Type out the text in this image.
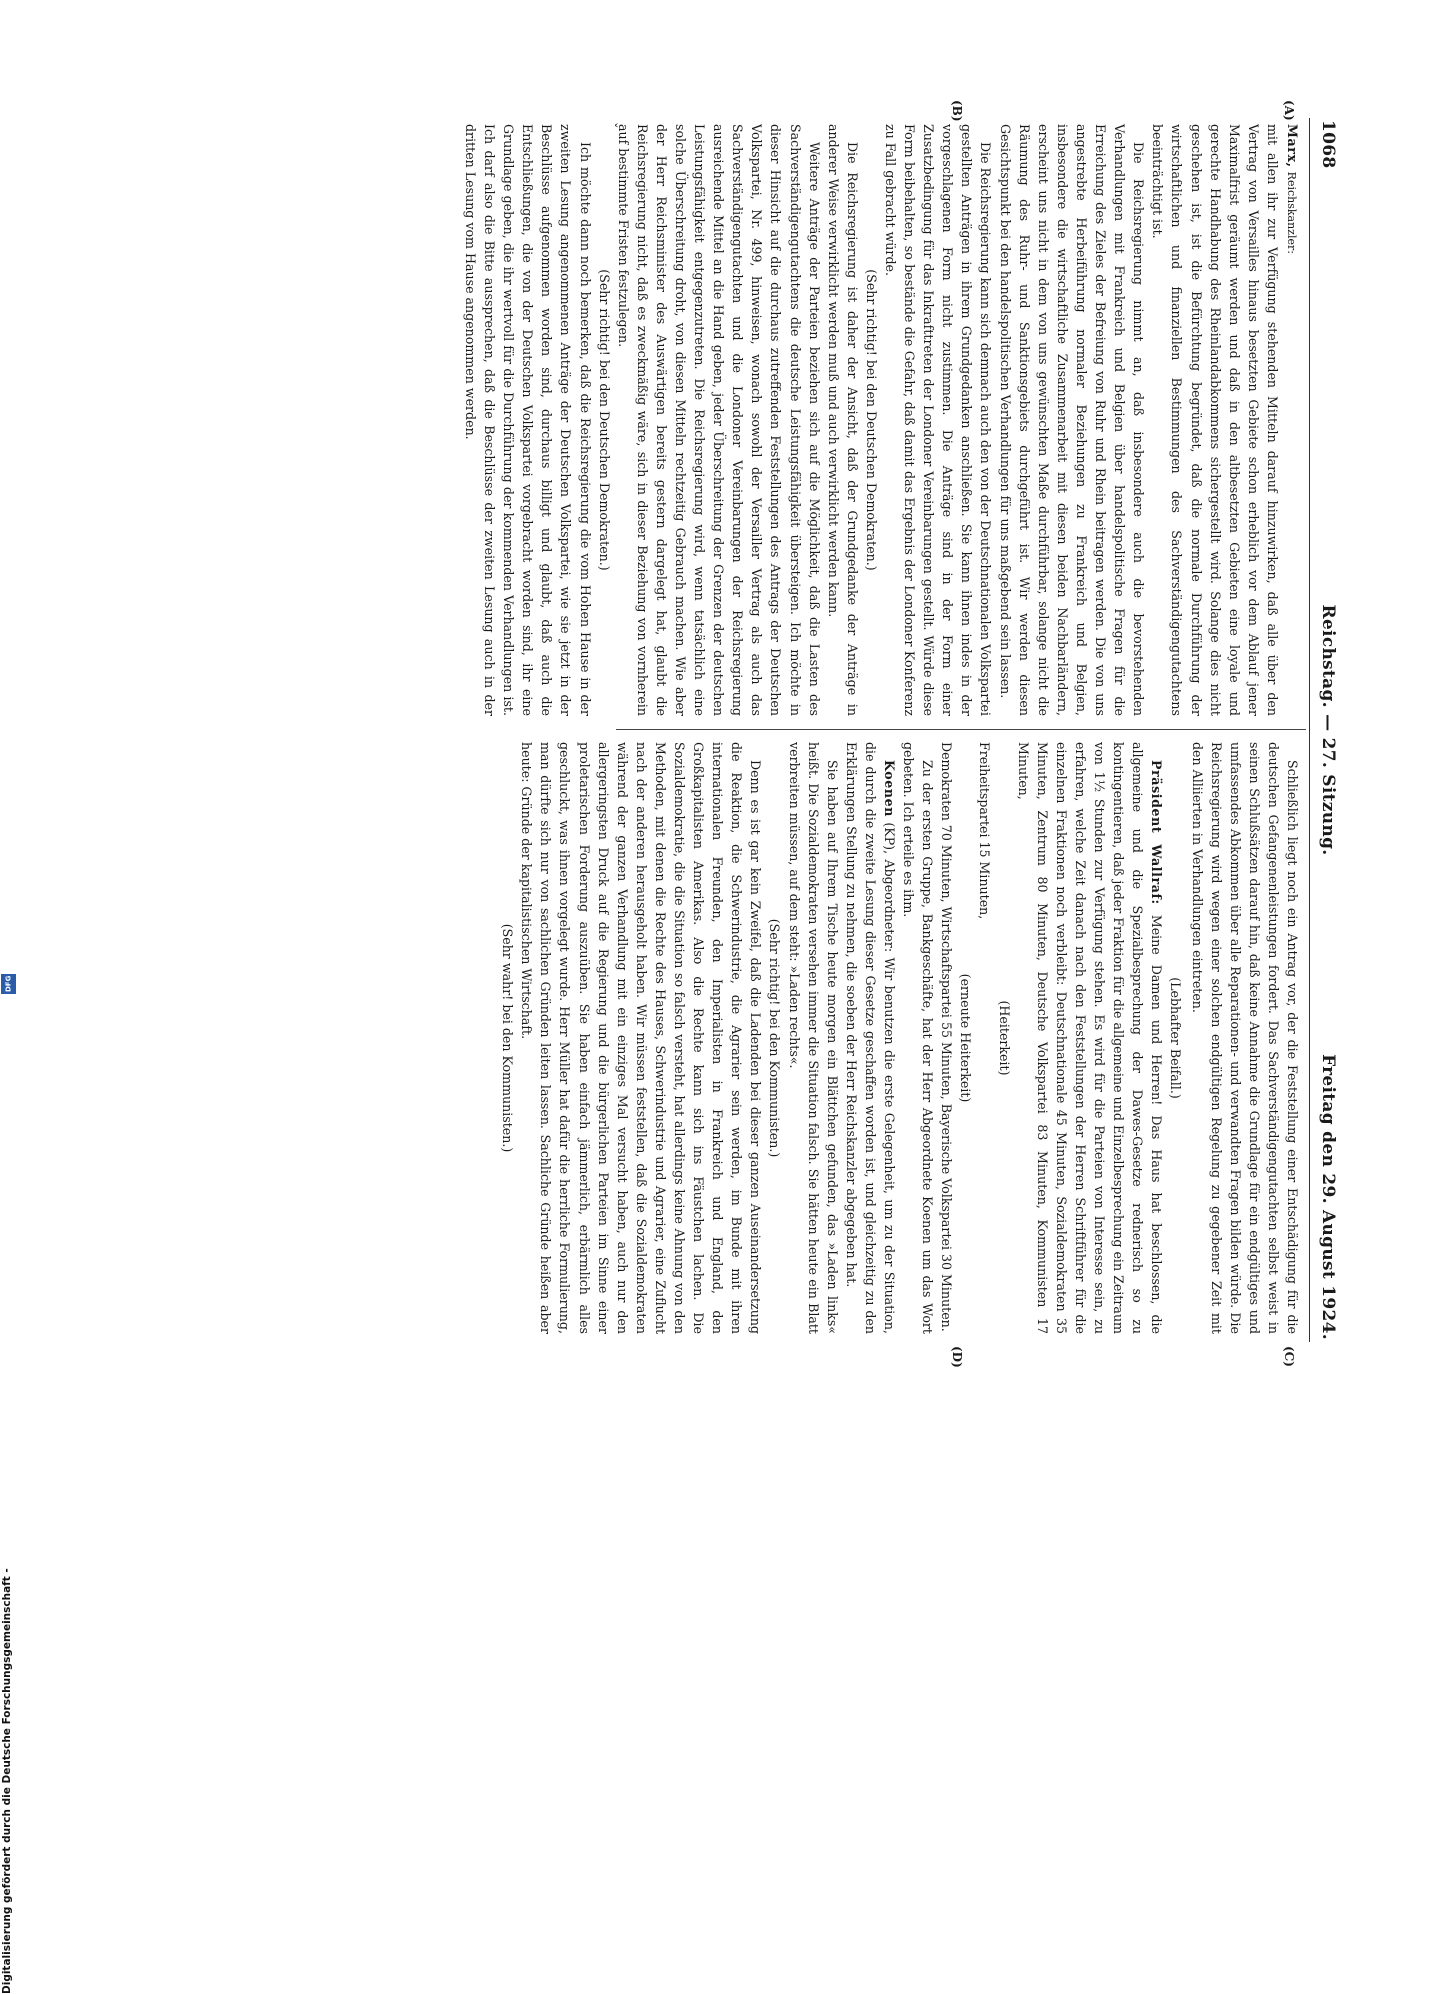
1068
Reichstag. — 27. Sitzung.
Freitag den 29. August 1924.
(A)
(B)
(C)
(D)

Marx, Reichskanzler:

mit allen ihr zur Verfügung stehenden Mitteln darauf hinzuwirken, daß alle über den Vertrag von Versailles hinaus besetzten Gebiete schon erheblich vor dem Ablauf jener Maximalfrist geräumt werden und daß in den altbesetzten Gebieten eine loyale und gerechte Handhabung des Rheinlandabkommens sichergestellt wird. Solange dies nicht geschehen ist, ist die Befürchtung begründet, daß die normale Durchführung der wirtschaftlichen und finanziellen Bestimmungen des Sachverständigengutachtens beeinträchtigt ist.

Die Reichsregierung nimmt an, daß insbesondere auch die bevorstehenden Verhandlungen mit Frankreich und Belgien über handelspolitische Fragen für die Erreichung des Zieles der Befreiung von Ruhr und Rhein beitragen werden. Die von uns angestrebte Herbeiführung normaler Beziehungen zu Frankreich und Belgien, insbesondere die wirtschaftliche Zusammenarbeit mit diesen beiden Nachbarländern, erscheint uns nicht in dem von uns gewünschten Maße durchführbar, solange nicht die Räumung des Ruhr- und Sanktionsgebiets durchgeführt ist. Wir werden diesen Gesichtspunkt bei den handelspolitischen Verhandlungen für uns maßgebend sein lassen.

Die Reichsregierung kann sich demnach auch den von der Deutschnationalen Volkspartei gestellten Anträgen in ihrem Grundgedanken anschließen. Sie kann ihnen indes in der vorgeschlagenen Form nicht zustimmen. Die Anträge sind in der Form einer Zusatzbedingung für das Inkrafttreten der Londoner Vereinbarungen gestellt. Würde diese Form beibehalten, so bestände die Gefahr, daß damit das Ergebnis der Londoner Konferenz zu Fall gebracht würde.

(Sehr richtig! bei den Deutschen Demokraten.)

Die Reichsregierung ist daher der Ansicht, daß der Grundgedanke der Anträge in anderer Weise verwirklicht werden muß und auch verwirklicht werden kann.

Weitere Anträge der Parteien beziehen sich auf die Möglichkeit, daß die Lasten des Sachverständigengutachtens die deutsche Leistungsfähigkeit übersteigen. Ich möchte in dieser Hinsicht auf die durchaus zutreffenden Feststellungen des Antrags der Deutschen Volkspartei, Nr. 499, hinweisen, wonach sowohl der Versailler Vertrag als auch das Sachverständigengutachten und die Londoner Vereinbarungen der Reichsregierung ausreichende Mittel an die Hand geben, jeder Überschreitung der Grenzen der deutschen Leistungsfähigkeit entgegenzutreten. Die Reichsregierung wird, wenn tatsächlich eine solche Überschreitung droht, von diesen Mitteln rechtzeitig Gebrauch machen. Wie aber der Herr Reichsminister des Auswärtigen bereits gestern dargelegt hat, glaubt die Reichsregierung nicht, daß es zweckmäßig wäre, sich in dieser Beziehung von vornherein auf bestimmte Fristen festzulegen.

(Sehr richtig! bei den Deutschen Demokraten.)

Ich möchte dann noch bemerken, daß die Reichsregierung die vom Hohen Hause in der zweiten Lesung angenommenen Anträge der Deutschen Volkspartei, wie sie jetzt in der Beschlüsse aufgenommen worden sind, durchaus billigt und glaubt, daß auch die Entschließungen, die von der Deutschen Volkspartei vorgebracht worden sind, ihr eine Grundlage geben, die ihr wertvoll für die Durchführung der kommenden Verhandlungen ist. Ich darf also die Bitte aussprechen, daß die Beschlüsse der zweiten Lesung auch in der dritten Lesung vom Hause angenommen werden.

Schließlich liegt noch ein Antrag vor, der die Feststellung einer Entschädigung für die deutschen Gefangenenleistungen fordert. Das Sachverständigengutachten selbst weist in seinen Schlußsätzen darauf hin, daß keine Annahme die Grundlage für ein endgültiges und umfassendes Abkommen über alle Reparationen- und verwandten Fragen bilden würde. Die Reichsregierung wird wegen einer solchen endgültigen Regelung zu gegebener Zeit mit den Alliierten in Verhandlungen eintreten.

(Lebhafter Beifall.)

Präsident Wallraf: Meine Damen und Herren! Das Haus hat beschlossen, die allgemeine und die Spezialbesprechung der Dawes-Gesetze rednerisch so zu kontingentieren, daß jeder Fraktion für die allgemeine und Einzelbesprechung ein Zeitraum von 1½ Stunden zur Verfügung stehen. Es wird für die Parteien von Interesse sein, zu erfahren, welche Zeit danach nach den Feststellungen der Herren Schriftführer für die einzelnen Fraktionen noch verbleibt: Deutschnationale 45 Minuten, Sozialdemokraten 35 Minuten, Zentrum 80 Minuten, Deutsche Volkspartei 83 Minuten, Kommunisten 17 Minuten,

(Heiterkeit)

Freiheitspartei 15 Minuten,

(erneute Heiterkeit)

Demokraten 70 Minuten, Wirtschaftspartei 55 Minuten, Bayerische Volkspartei 30 Minuten.

Zu der ersten Gruppe, Bankgeschäfte, hat der Herr Abgeordnete Koenen um das Wort gebeten. Ich erteile es ihm.

Koenen (KP), Abgeordneter: Wir benutzen die erste Gelegenheit, um zu der Situation, die durch die zweite Lesung dieser Gesetze geschaffen worden ist, und gleichzeitig zu den Erklärungen Stellung zu nehmen, die soeben der Herr Reichskanzler abgegeben hat.

Sie haben auf Ihrem Tische heute morgen ein Blättchen gefunden, das »Laden links« heißt. Die Sozialdemokraten versehen immer die Situation falsch. Sie hätten heute ein Blatt verbreiten müssen, auf dem steht: »Laden rechts«.

(Sehr richtig! bei den Kommunisten.)

Denn es ist gar kein Zweifel, daß die Ladenden bei dieser ganzen Auseinandersetzung die Reaktion, die Schwerindustrie, die Agrarier sein werden, im Bunde mit ihren internationalen Freunden, den Imperialisten in Frankreich und England, den Großkapitalisten Amerikas. Also die Rechte kann sich ins Fäustchen lachen. Die Sozialdemokratie, die die Situation so falsch versteht, hat allerdings keine Ahnung von den Methoden, mit denen die Rechte des Hauses, Schwerindustrie und Agrarier, eine Zuflucht nach der anderen herausgeholt haben. Wir müssen feststellen, daß die Sozialdemokraten während der ganzen Verhandlung mit ein einziges Mal versucht haben, auch nur den allergeringsten Druck auf die Regierung und die bürgerlichen Parteien im Sinne einer proletarischen Forderung auszuüben. Sie haben einfach jämmerlich, erbärmlich alles geschluckt, was ihnen vorgelegt wurde. Herr Müller hat dafür die herrliche Formulierung, man dürfte sich nur von sachlichen Gründen leiten lassen. Sachliche Gründe heißen aber heute: Gründe der kapitalistischen Wirtschaft.

(Sehr wahr! bei den Kommunisten.)

ˇ
Digitalisierung gefördert durch die Deutsche Forschungsgemeinschaft -
DFG
